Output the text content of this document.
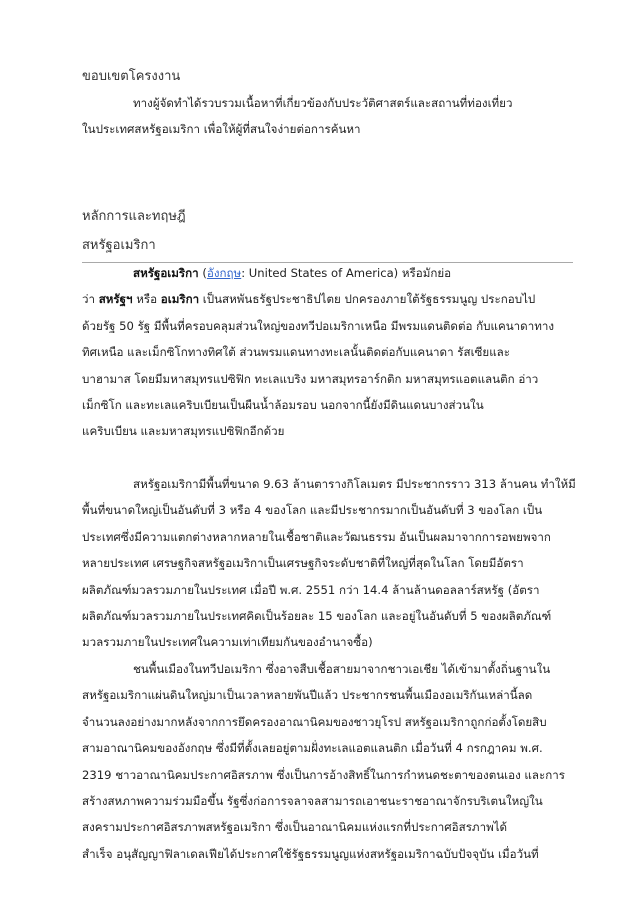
ขอบเขตโครงงาน
ทางผู้จัดทำได้รวบรวมเนื้อหาที่เกี่ยวข้องกับประวัติศาสตร์และสถานที่ท่องเที่ยว
ในประเทศสหรัฐอเมริกา เพื่อให้ผู้ที่สนใจง่ายต่อการค้นหา
หลักการและทฤษฎี
สหรัฐอเมริกา
สหรัฐอเมริกา (อังกฤษ: United States of America) หรือมักย่อ
ว่า สหรัฐฯ หรือ อเมริกา เป็นสหพันธรัฐประชาธิปไตย ปกครองภายใต้รัฐธรรมนูญ ประกอบไป
ด้วยรัฐ 50 รัฐ มีพื้นที่ครอบคลุมส่วนใหญ่ของทวีปอเมริกาเหนือ มีพรมแดนติดต่อ กับแคนาดาทาง
ทิศเหนือ และเม็กซิโกทางทิศใต้ ส่วนพรมแดนทางทะเลนั้นติดต่อกับแคนาดา รัสเซียและ
บาฮามาส โดยมีมหาสมุทรแปซิฟิก ทะเลแบริง มหาสมุทรอาร์กติก มหาสมุทรแอตแลนติก อ่าว
เม็กซิโก และทะเลแคริบเบียนเป็นผืนน้ำล้อมรอบ นอกจากนี้ยังมีดินแดนบางส่วนใน
แคริบเบียน และมหาสมุทรแปซิฟิกอีกด้วย
สหรัฐอเมริกามีพื้นที่ขนาด 9.63 ล้านตารางกิโลเมตร มีประชากรราว 313 ล้านคน ทำให้มี
พื้นที่ขนาดใหญ่เป็นอันดับที่ 3 หรือ 4 ของโลก และมีประชากรมากเป็นอันดับที่ 3 ของโลก เป็น
ประเทศซึ่งมีความแตกต่างหลากหลายในเชื้อชาติและวัฒนธรรม อันเป็นผลมาจากการอพยพจาก
หลายประเทศ เศรษฐกิจสหรัฐอเมริกาเป็นเศรษฐกิจระดับชาติที่ใหญ่ที่สุดในโลก โดยมีอัตรา
ผลิตภัณฑ์มวลรวมภายในประเทศ เมื่อปี พ.ศ. 2551 กว่า 14.4 ล้านล้านดอลลาร์สหรัฐ (อัตรา
ผลิตภัณฑ์มวลรวมภายในประเทศคิดเป็นร้อยละ 15 ของโลก และอยู่ในอันดับที่ 5 ของผลิตภัณฑ์
มวลรวมภายในประเทศในความเท่าเทียมกันของอำนาจซื้อ)
ชนพื้นเมืองในทวีปอเมริกา ซึ่งอาจสืบเชื้อสายมาจากชาวเอเชีย ได้เข้ามาตั้งถิ่นฐานใน
สหรัฐอเมริกาแผ่นดินใหญ่มาเป็นเวลาหลายพันปีแล้ว ประชากรชนพื้นเมืองอเมริกันเหล่านี้ลด
จำนวนลงอย่างมากหลังจากการยึดครองอาณานิคมของชาวยุโรป สหรัฐอเมริกาถูกก่อตั้งโดยสิบ
สามอาณานิคมของอังกฤษ ซึ่งมีที่ตั้งเลยอยู่ตามฝั่งทะเลแอตแลนติก เมื่อวันที่ 4 กรกฎาคม พ.ศ.
2319 ชาวอาณานิคมประกาศอิสรภาพ ซึ่งเป็นการอ้างสิทธิ์ในการกำหนดชะตาของตนเอง และการ
สร้างสหภาพความร่วมมือขึ้น รัฐซึ่งก่อการจลาจลสามารถเอาชนะราชอาณาจักรบริเตนใหญ่ใน
สงครามประกาศอิสรภาพสหรัฐอเมริกา ซึ่งเป็นอาณานิคมแห่งแรกที่ประกาศอิสรภาพได้
สำเร็จ อนุสัญญาฟิลาเดลเฟียได้ประกาศใช้รัฐธรรมนูญแห่งสหรัฐอเมริกาฉบับปัจจุบัน เมื่อวันที่
